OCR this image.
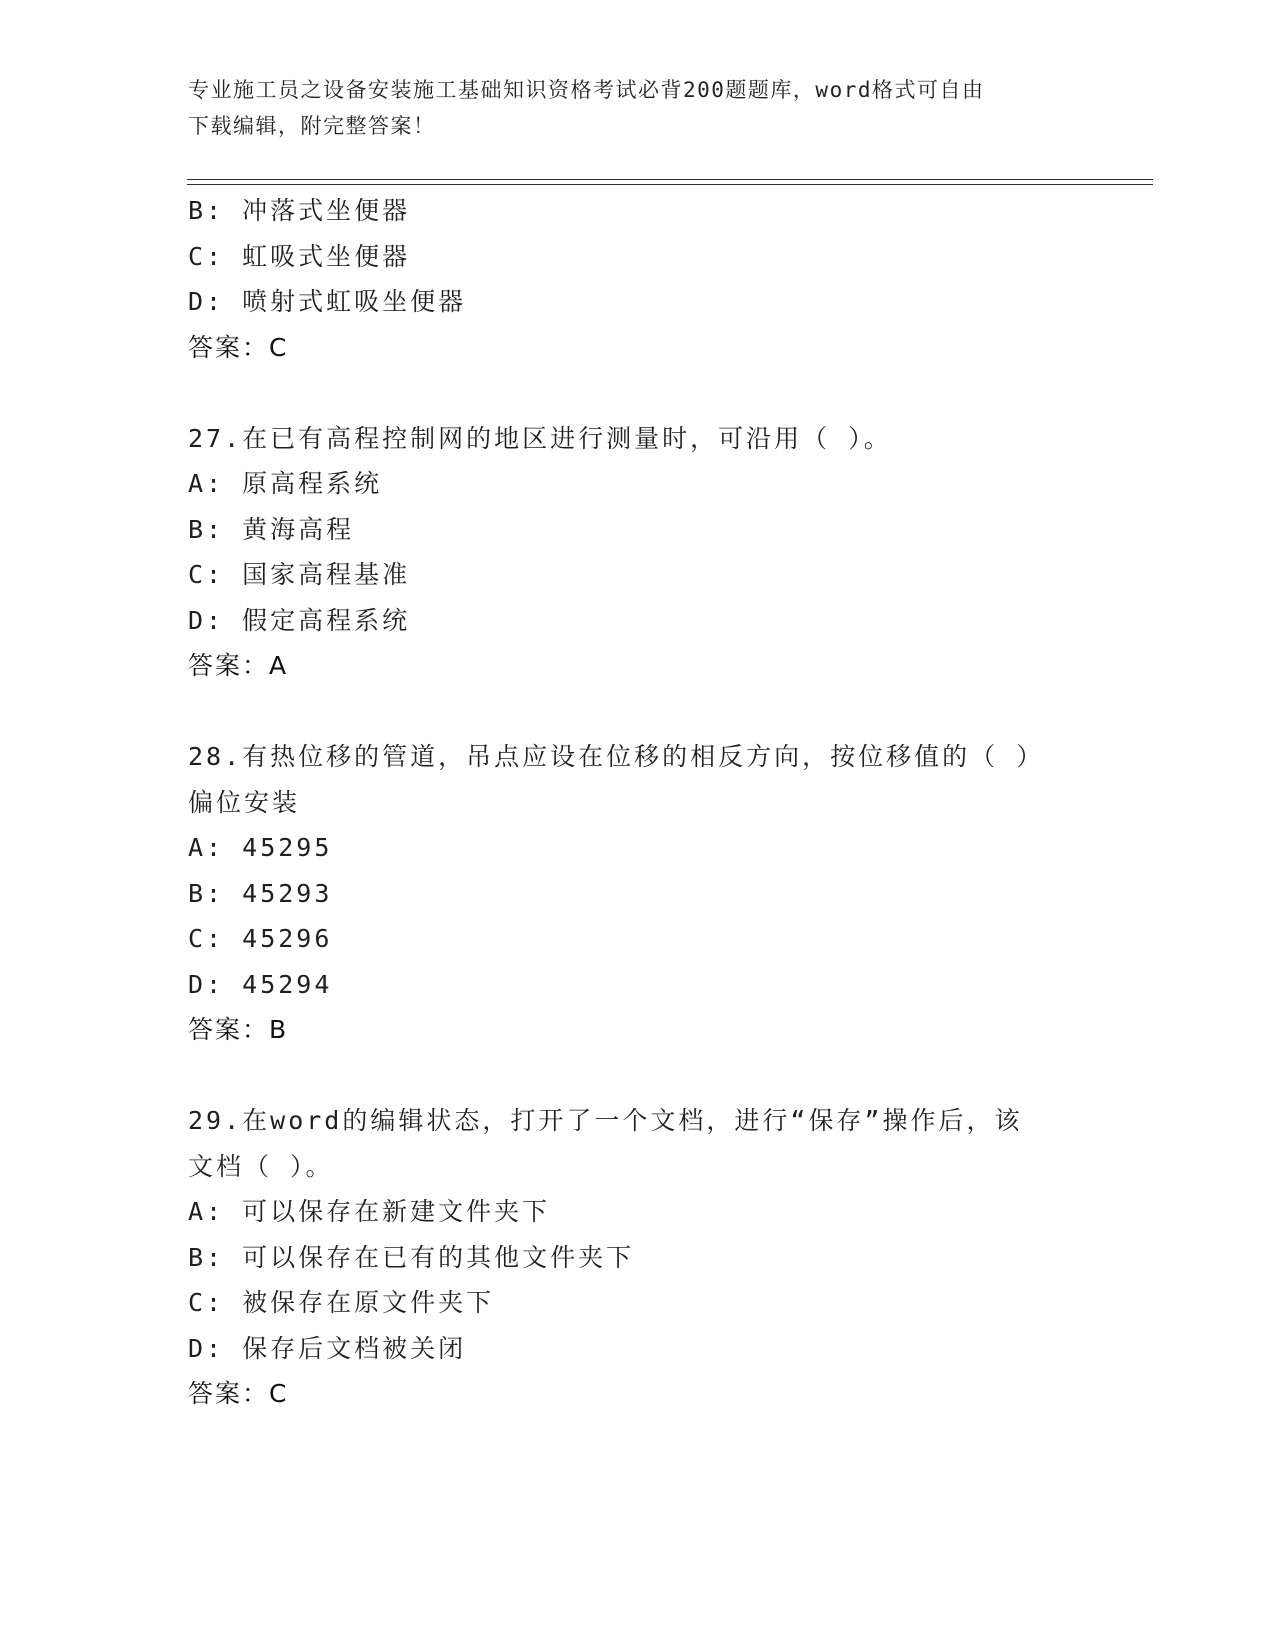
专业施工员之设备安装施工基础知识资格考试必背200题题库，word格式可自由
下载编辑，附完整答案！
B: 冲落式坐便器
C: 虹吸式坐便器
D: 喷射式虹吸坐便器
答案：C
27.在已有高程控制网的地区进行测量时，可沿用（ ）。
A: 原高程系统
B: 黄海高程
C: 国家高程基准
D: 假定高程系统
答案：A
28.有热位移的管道，吊点应设在位移的相反方向，按位移值的（ ）
偏位安装
A: 45295
B: 45293
C: 45296
D: 45294
答案：B
29.在word的编辑状态，打开了一个文档，进行“保存”操作后，该
文档（ ）。
A: 可以保存在新建文件夹下
B: 可以保存在已有的其他文件夹下
C: 被保存在原文件夹下
D: 保存后文档被关闭
答案：C
